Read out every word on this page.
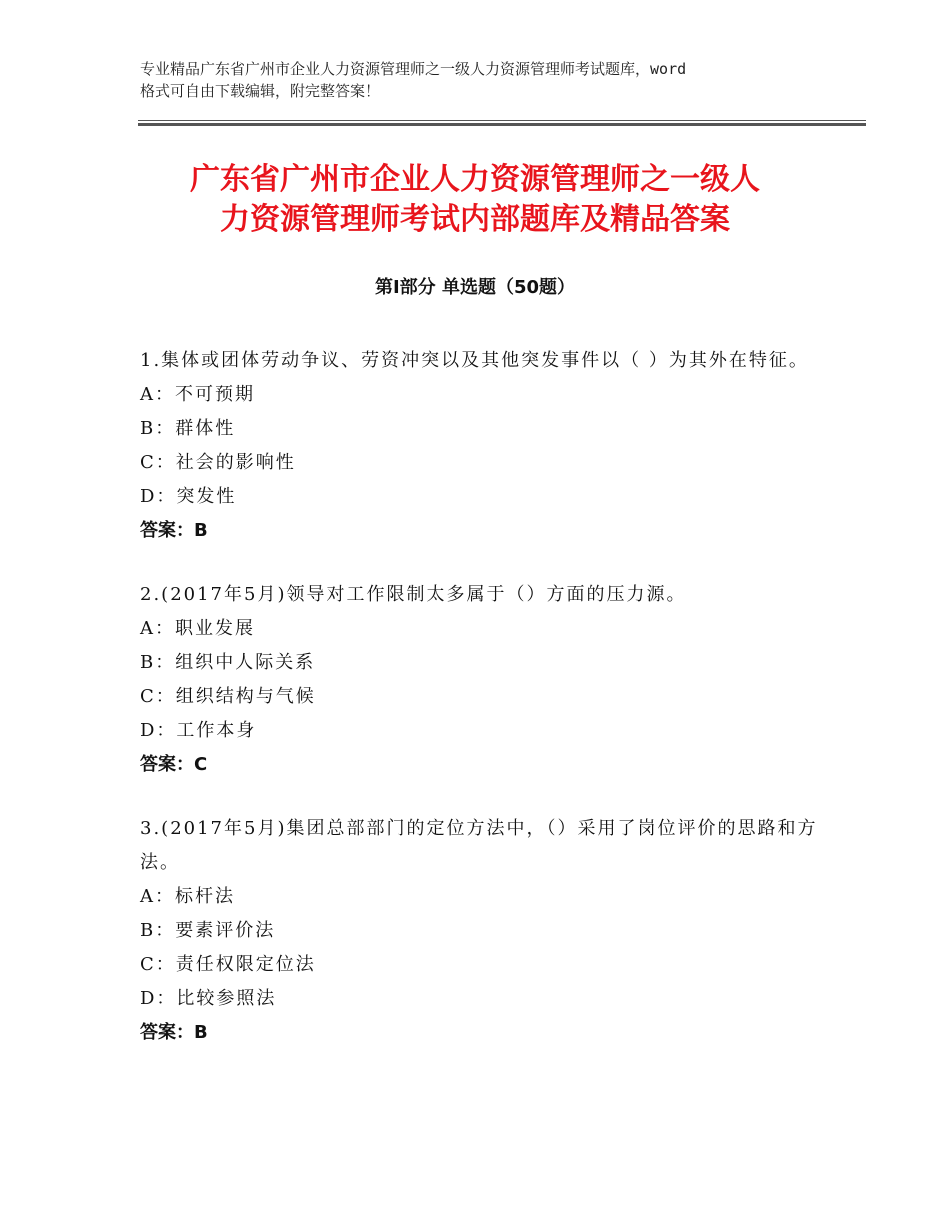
专业精品广东省广州市企业人力资源管理师之一级人力资源管理师考试题库，word
格式可自由下载编辑，附完整答案！
广东省广州市企业人力资源管理师之一级人
力资源管理师考试内部题库及精品答案
第Ⅰ部分 单选题（50题）
1.集体或团体劳动争议、劳资冲突以及其他突发事件以（ ）为其外在特征。
A：不可预期
B：群体性
C：社会的影响性
D：突发性
答案：B
2.(2017年5月)领导对工作限制太多属于（）方面的压力源。
A：职业发展
B：组织中人际关系
C：组织结构与气候
D：工作本身
答案：C
3.(2017年5月)集团总部部门的定位方法中，（）采用了岗位评价的思路和方法。
A：标杆法
B：要素评价法
C：责任权限定位法
D：比较参照法
答案：B
